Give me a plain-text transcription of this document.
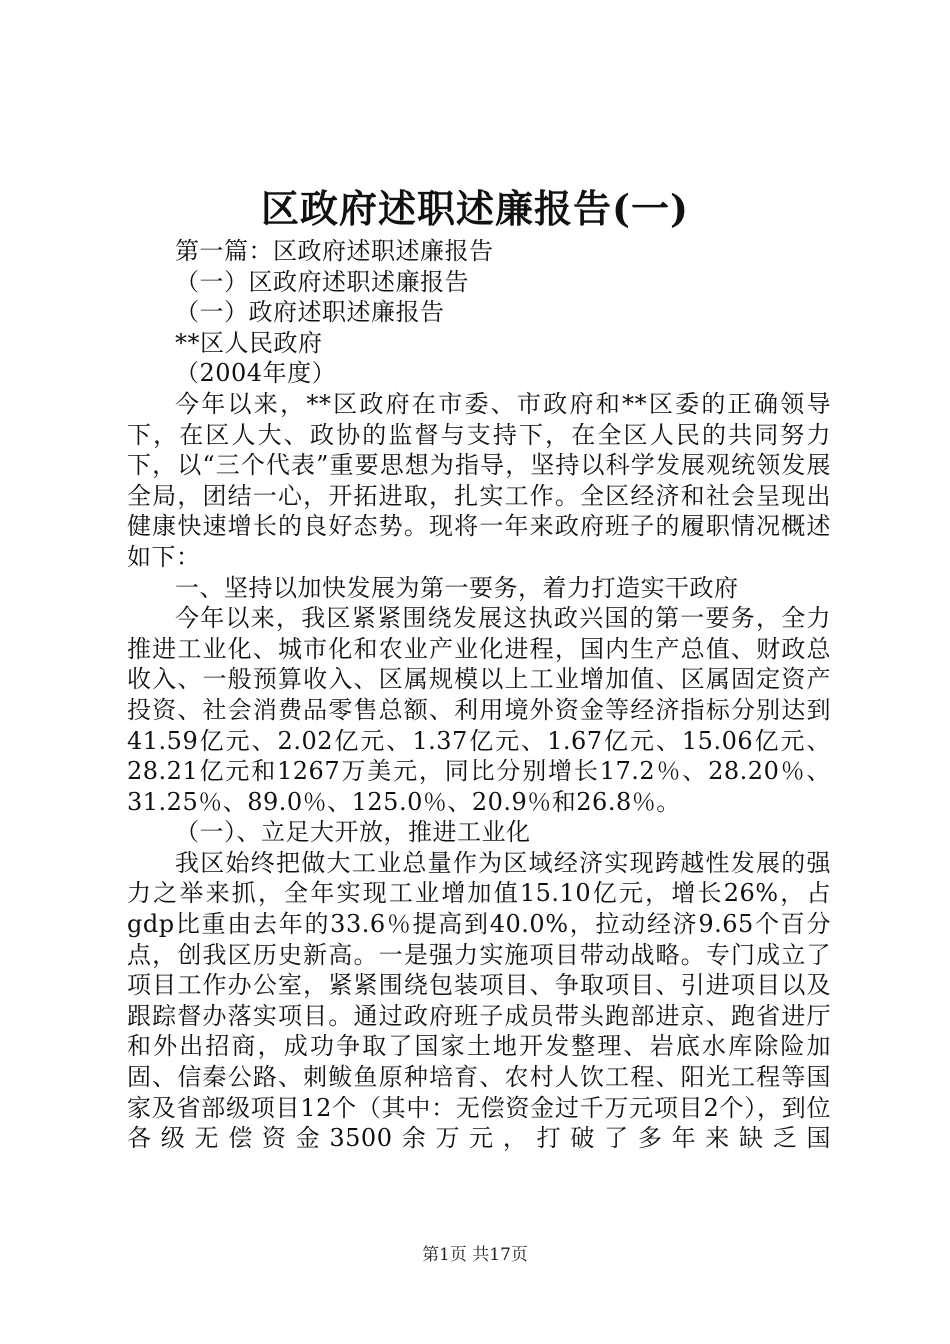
区政府述职述廉报告(一)

第一篇：区政府述职述廉报告

（一）区政府述职述廉报告

（一）政府述职述廉报告

**区人民政府

（2004年度）

今年以来，**区政府在市委、市政府和**区委的正确领导下，在区人大、政协的监督与支持下，在全区人民的共同努力下，以“三个代表”重要思想为指导，坚持以科学发展观统领发展全局，团结一心，开拓进取，扎实工作。全区经济和社会呈现出健康快速增长的良好态势。现将一年来政府班子的履职情况概述如下：

一、坚持以加快发展为第一要务，着力打造实干政府

今年以来，我区紧紧围绕发展这执政兴国的第一要务，全力推进工业化、城市化和农业产业化进程，国内生产总值、财政总收入、一般预算收入、区属规模以上工业增加值、区属固定资产投资、社会消费品零售总额、利用境外资金等经济指标分别达到41.59亿元、2.02亿元、1.37亿元、1.67亿元、15.06亿元、28.21亿元和1267万美元，同比分别增长17.2％、28.20％、31.25％、89.0％、125.0％、20.9％和26.8％。

（一）、立足大开放，推进工业化

我区始终把做大工业总量作为区域经济实现跨越性发展的强力之举来抓，全年实现工业增加值15.10亿元，增长26%，占gdp比重由去年的33.6％提高到40.0%，拉动经济9.65个百分点，创我区历史新高。一是强力实施项目带动战略。专门成立了项目工作办公室，紧紧围绕包装项目、争取项目、引进项目以及跟踪督办落实项目。通过政府班子成员带头跑部进京、跑省进厅和外出招商，成功争取了国家土地开发整理、岩底水库除险加固、信秦公路、刺鲅鱼原种培育、农村人饮工程、阳光工程等国家及省部级项目12个（其中：无偿资金过千万元项目2个），到位各级无偿资金3500余万元，打破了多年来缺乏国

第1页 共17页
